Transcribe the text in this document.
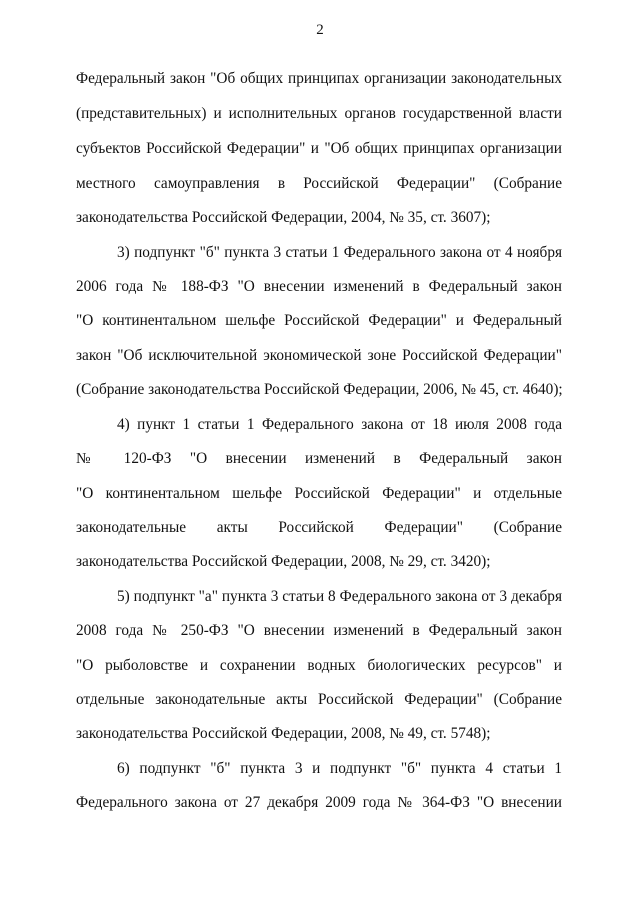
2
Федеральный закон "Об общих принципах организации законодательных
(представительных) и исполнительных органов государственной власти
субъектов Российской Федерации" и "Об общих принципах организации
местного самоуправления в Российской Федерации" (Собрание
законодательства Российской Федерации, 2004, № 35, ст. 3607);
3) подпункт "б" пункта 3 статьи 1 Федерального закона от 4 ноября
2006 года № 188-ФЗ "О внесении изменений в Федеральный закон
"О континентальном шельфе Российской Федерации" и Федеральный
закон "Об исключительной экономической зоне Российской Федерации"
(Собрание законодательства Российской Федерации, 2006, № 45, ст. 4640);
4) пункт 1 статьи 1 Федерального закона от 18 июля 2008 года
№ 120-ФЗ "О внесении изменений в Федеральный закон
"О континентальном шельфе Российской Федерации" и отдельные
законодательные акты Российской Федерации" (Собрание
законодательства Российской Федерации, 2008, № 29, ст. 3420);
5) подпункт "а" пункта 3 статьи 8 Федерального закона от 3 декабря
2008 года № 250-ФЗ "О внесении изменений в Федеральный закон
"О рыболовстве и сохранении водных биологических ресурсов" и
отдельные законодательные акты Российской Федерации" (Собрание
законодательства Российской Федерации, 2008, № 49, ст. 5748);
6) подпункт "б" пункта 3 и подпункт "б" пункта 4 статьи 1
Федерального закона от 27 декабря 2009 года № 364-ФЗ "О внесении
